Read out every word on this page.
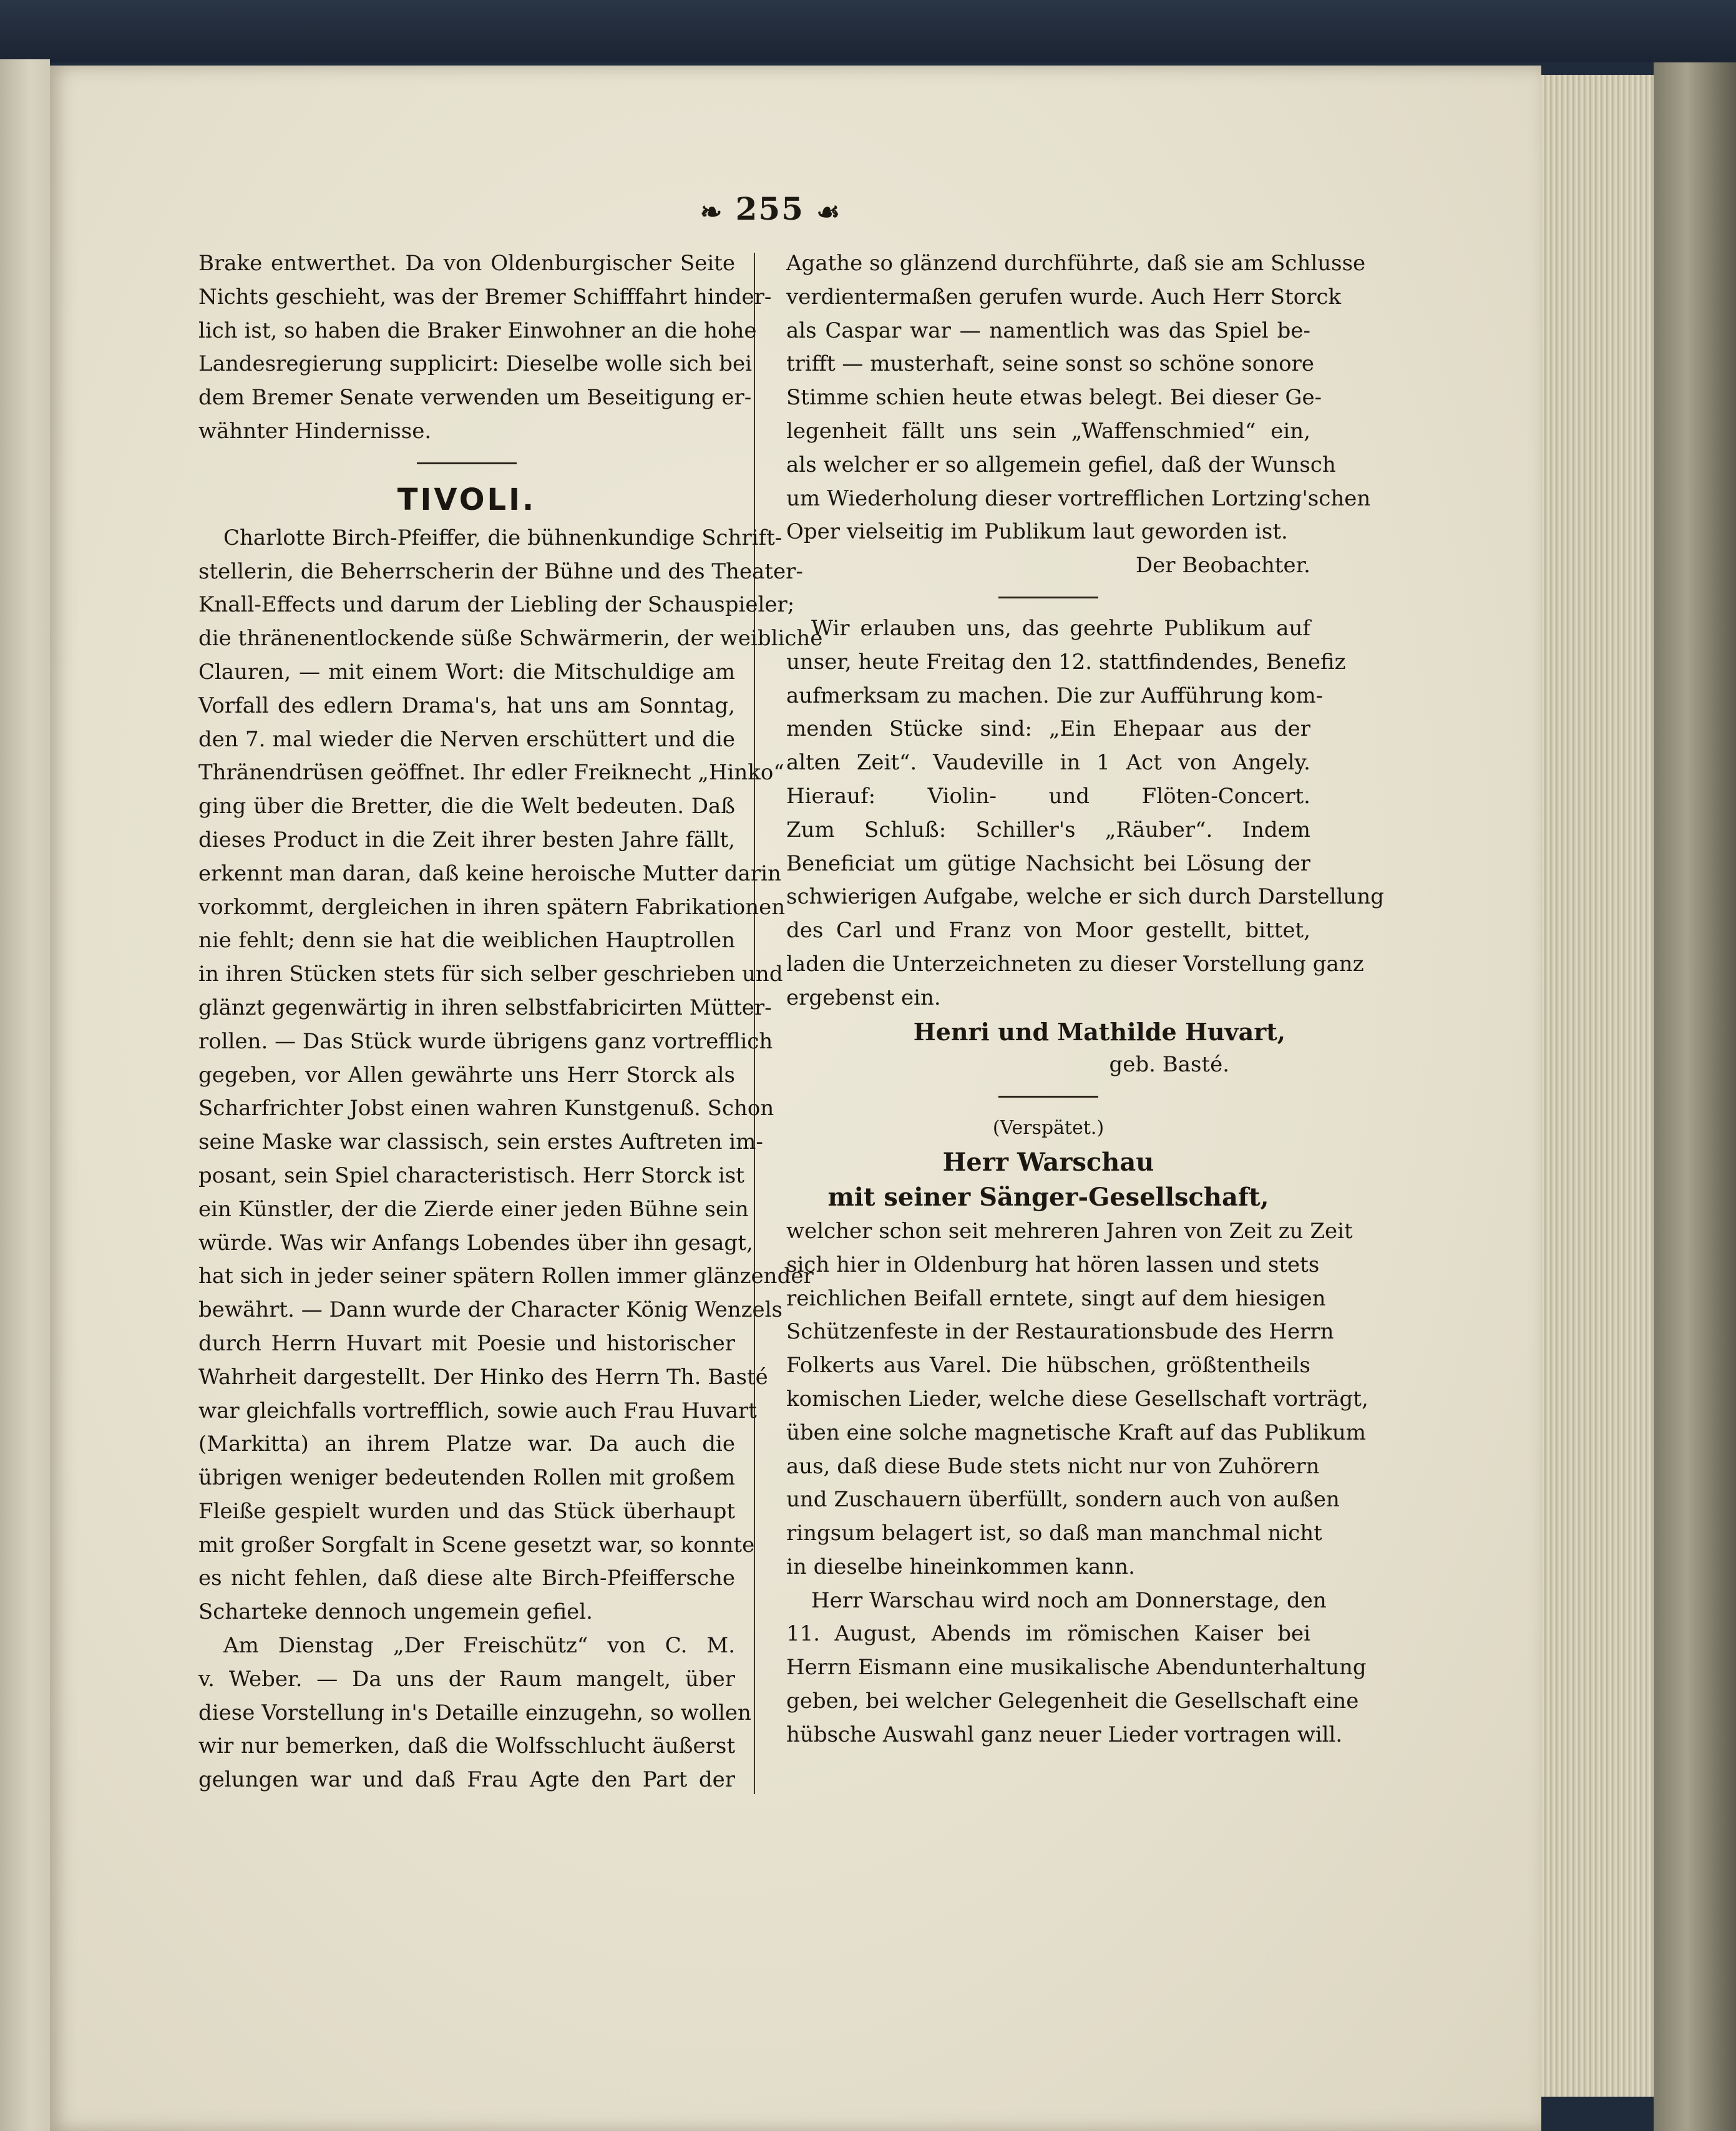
❧ 255 ☙
Brake entwerthet. Da von Oldenburgischer Seite
Nichts geschieht, was der Bremer Schifffahrt hinder-
lich ist, so haben die Braker Einwohner an die hohe
Landesregierung supplicirt: Dieselbe wolle sich bei
dem Bremer Senate verwenden um Beseitigung er-
wähnter Hindernisse.
TIVOLI.
Charlotte Birch-Pfeiffer, die bühnenkundige Schrift-
stellerin, die Beherrscherin der Bühne und des Theater-
Knall-Effects und darum der Liebling der Schauspieler;
die thränenentlockende süße Schwärmerin, der weibliche
Clauren, — mit einem Wort: die Mitschuldige am
Vorfall des edlern Drama's, hat uns am Sonntag,
den 7. mal wieder die Nerven erschüttert und die
Thränendrüsen geöffnet. Ihr edler Freiknecht „Hinko“
ging über die Bretter, die die Welt bedeuten. Daß
dieses Product in die Zeit ihrer besten Jahre fällt,
erkennt man daran, daß keine heroische Mutter darin
vorkommt, dergleichen in ihren spätern Fabrikationen
nie fehlt; denn sie hat die weiblichen Hauptrollen
in ihren Stücken stets für sich selber geschrieben und
glänzt gegenwärtig in ihren selbstfabricirten Mütter-
rollen. — Das Stück wurde übrigens ganz vortrefflich
gegeben, vor Allen gewährte uns Herr Storck als
Scharfrichter Jobst einen wahren Kunstgenuß. Schon
seine Maske war classisch, sein erstes Auftreten im-
posant, sein Spiel characteristisch. Herr Storck ist
ein Künstler, der die Zierde einer jeden Bühne sein
würde. Was wir Anfangs Lobendes über ihn gesagt,
hat sich in jeder seiner spätern Rollen immer glänzender
bewährt. — Dann wurde der Character König Wenzels
durch Herrn Huvart mit Poesie und historischer
Wahrheit dargestellt. Der Hinko des Herrn Th. Basté
war gleichfalls vortrefflich, sowie auch Frau Huvart
(Markitta) an ihrem Platze war. Da auch die
übrigen weniger bedeutenden Rollen mit großem
Fleiße gespielt wurden und das Stück überhaupt
mit großer Sorgfalt in Scene gesetzt war, so konnte
es nicht fehlen, daß diese alte Birch-Pfeiffersche
Scharteke dennoch ungemein gefiel.
Am Dienstag „Der Freischütz“ von C. M.
v. Weber. — Da uns der Raum mangelt, über
diese Vorstellung in's Detaille einzugehn, so wollen
wir nur bemerken, daß die Wolfsschlucht äußerst
gelungen war und daß Frau Agte den Part der
Agathe so glänzend durchführte, daß sie am Schlusse
verdientermaßen gerufen wurde. Auch Herr Storck
als Caspar war — namentlich was das Spiel be-
trifft — musterhaft, seine sonst so schöne sonore
Stimme schien heute etwas belegt. Bei dieser Ge-
legenheit fällt uns sein „Waffenschmied“ ein,
als welcher er so allgemein gefiel, daß der Wunsch
um Wiederholung dieser vortrefflichen Lortzing'schen
Oper vielseitig im Publikum laut geworden ist.
Der Beobachter.
Wir erlauben uns, das geehrte Publikum auf
unser, heute Freitag den 12. stattfindendes, Benefiz
aufmerksam zu machen. Die zur Aufführung kom-
menden Stücke sind: „Ein Ehepaar aus der
alten Zeit“. Vaudeville in 1 Act von Angely.
Hierauf: Violin- und Flöten-Concert.
Zum Schluß: Schiller's „Räuber“. Indem
Beneficiat um gütige Nachsicht bei Lösung der
schwierigen Aufgabe, welche er sich durch Darstellung
des Carl und Franz von Moor gestellt, bittet,
laden die Unterzeichneten zu dieser Vorstellung ganz
ergebenst ein.
Henri und Mathilde Huvart,
geb. Basté.
(Verspätet.)
Herr Warschau
mit seiner Sänger-Gesellschaft,
welcher schon seit mehreren Jahren von Zeit zu Zeit
sich hier in Oldenburg hat hören lassen und stets
reichlichen Beifall erntete, singt auf dem hiesigen
Schützenfeste in der Restaurationsbude des Herrn
Folkerts aus Varel. Die hübschen, größtentheils
komischen Lieder, welche diese Gesellschaft vorträgt,
üben eine solche magnetische Kraft auf das Publikum
aus, daß diese Bude stets nicht nur von Zuhörern
und Zuschauern überfüllt, sondern auch von außen
ringsum belagert ist, so daß man manchmal nicht
in dieselbe hineinkommen kann.
Herr Warschau wird noch am Donnerstage, den
11. August, Abends im römischen Kaiser bei
Herrn Eismann eine musikalische Abendunterhaltung
geben, bei welcher Gelegenheit die Gesellschaft eine
hübsche Auswahl ganz neuer Lieder vortragen will.
